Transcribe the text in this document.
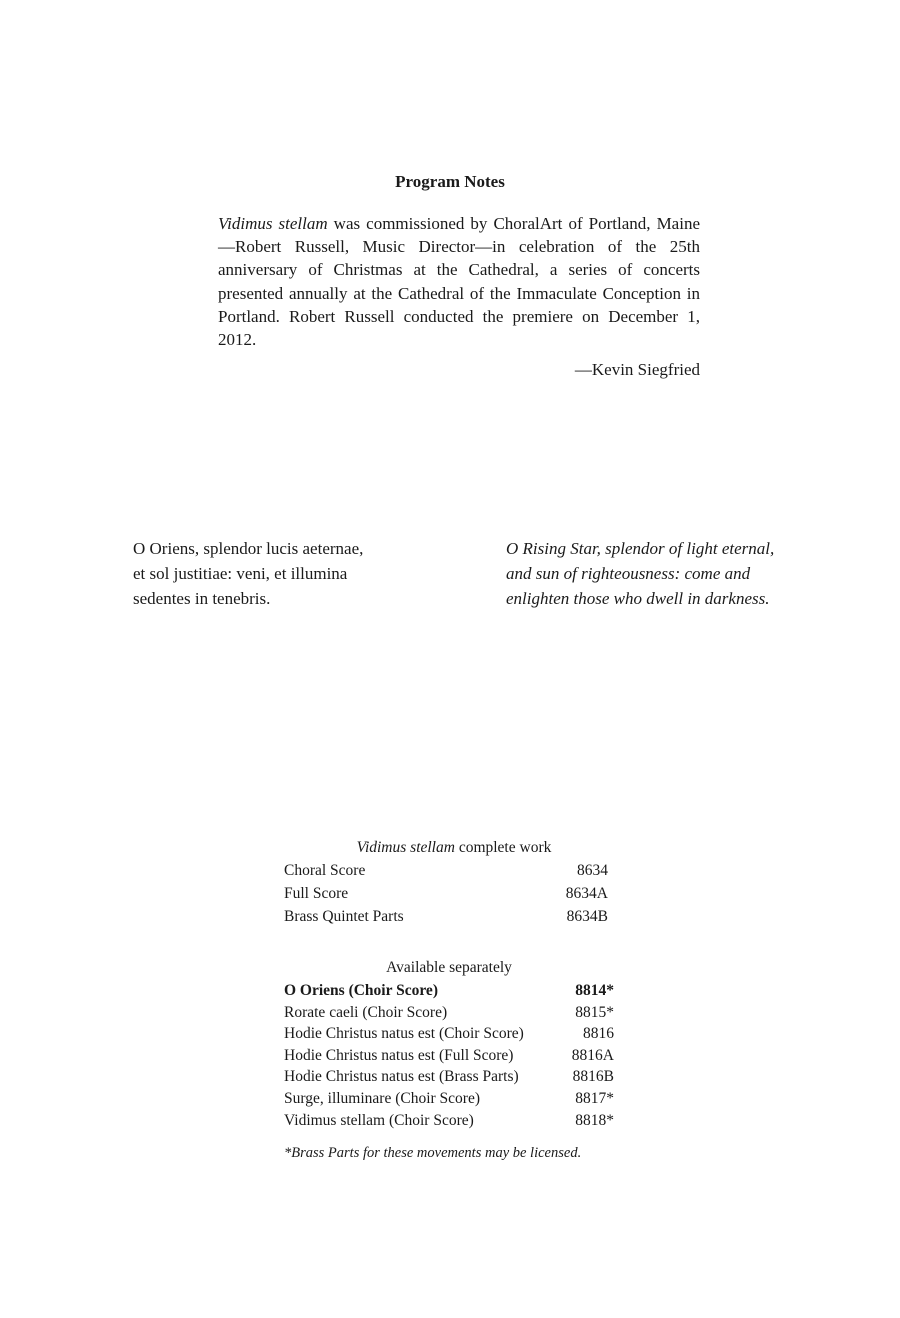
Program Notes

Vidimus stellam was commissioned by ChoralArt of Portland, Maine—Robert Russell, Music Director—in celebration of the 25th anniversary of Christmas at the Cathedral, a series of concerts presented annually at the Cathedral of the Immaculate Conception in Portland. Robert Russell conducted the premiere on December 1, 2012.

—Kevin Siegfried
O Oriens, splendor lucis aeternae,
et sol justitiae: veni, et illumina
sedentes in tenebris.
O Rising Star, splendor of light eternal,
and sun of righteousness: come and
enlighten those who dwell in darkness.
Vidimus stellam complete work
Choral Score	8634
Full Score	8634A
Brass Quintet Parts	8634B
Available separately
O Oriens (Choir Score)	8814*
Rorate caeli (Choir Score)	8815*
Hodie Christus natus est (Choir Score)	8816
Hodie Christus natus est (Full Score)	8816A
Hodie Christus natus est (Brass Parts)	8816B
Surge, illuminare (Choir Score)	8817*
Vidimus stellam (Choir Score)	8818*
*Brass Parts for these movements may be licensed.
